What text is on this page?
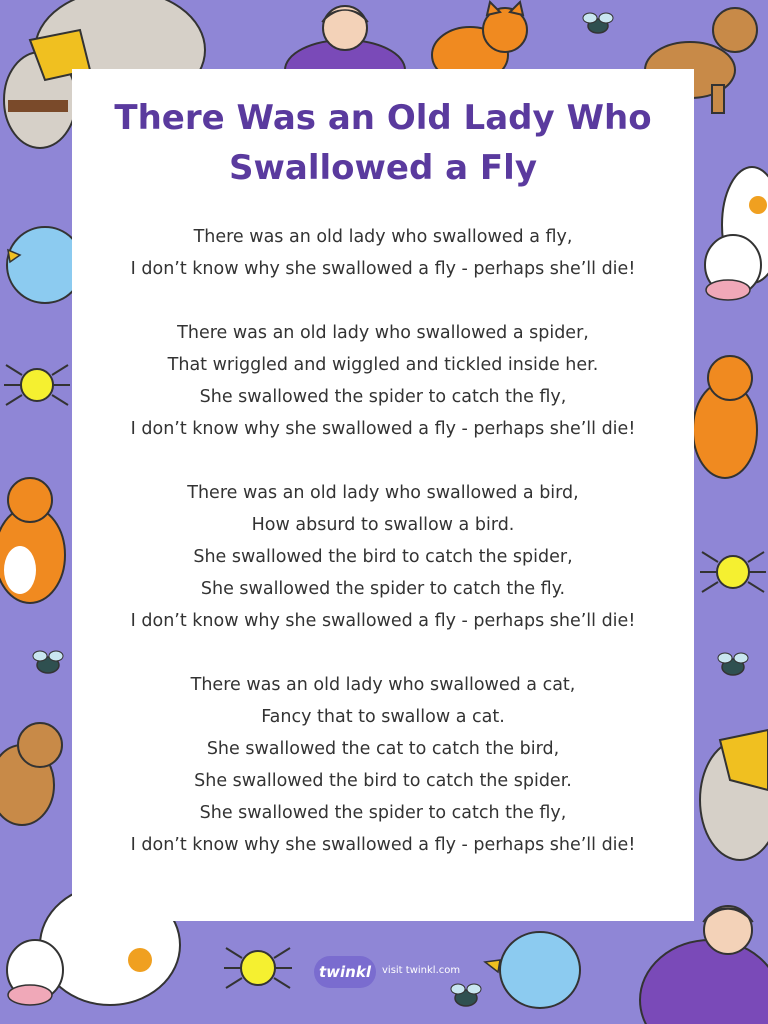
There Was an Old Lady Who
Swallowed a Fly
There was an old lady who swallowed a fly,
I don’t know why she swallowed a fly - perhaps she’ll die!
There was an old lady who swallowed a spider,
That wriggled and wiggled and tickled inside her.
She swallowed the spider to catch the fly,
I don’t know why she swallowed a fly - perhaps she’ll die!
There was an old lady who swallowed a bird,
How absurd to swallow a bird.
She swallowed the bird to catch the spider,
She swallowed the spider to catch the fly.
I don’t know why she swallowed a fly - perhaps she’ll die!
There was an old lady who swallowed a cat,
Fancy that to swallow a cat.
She swallowed the cat to catch the bird,
She swallowed the bird to catch the spider.
She swallowed the spider to catch the fly,
I don’t know why she swallowed a fly - perhaps she’ll die!
twinkl	visit twinkl.com
